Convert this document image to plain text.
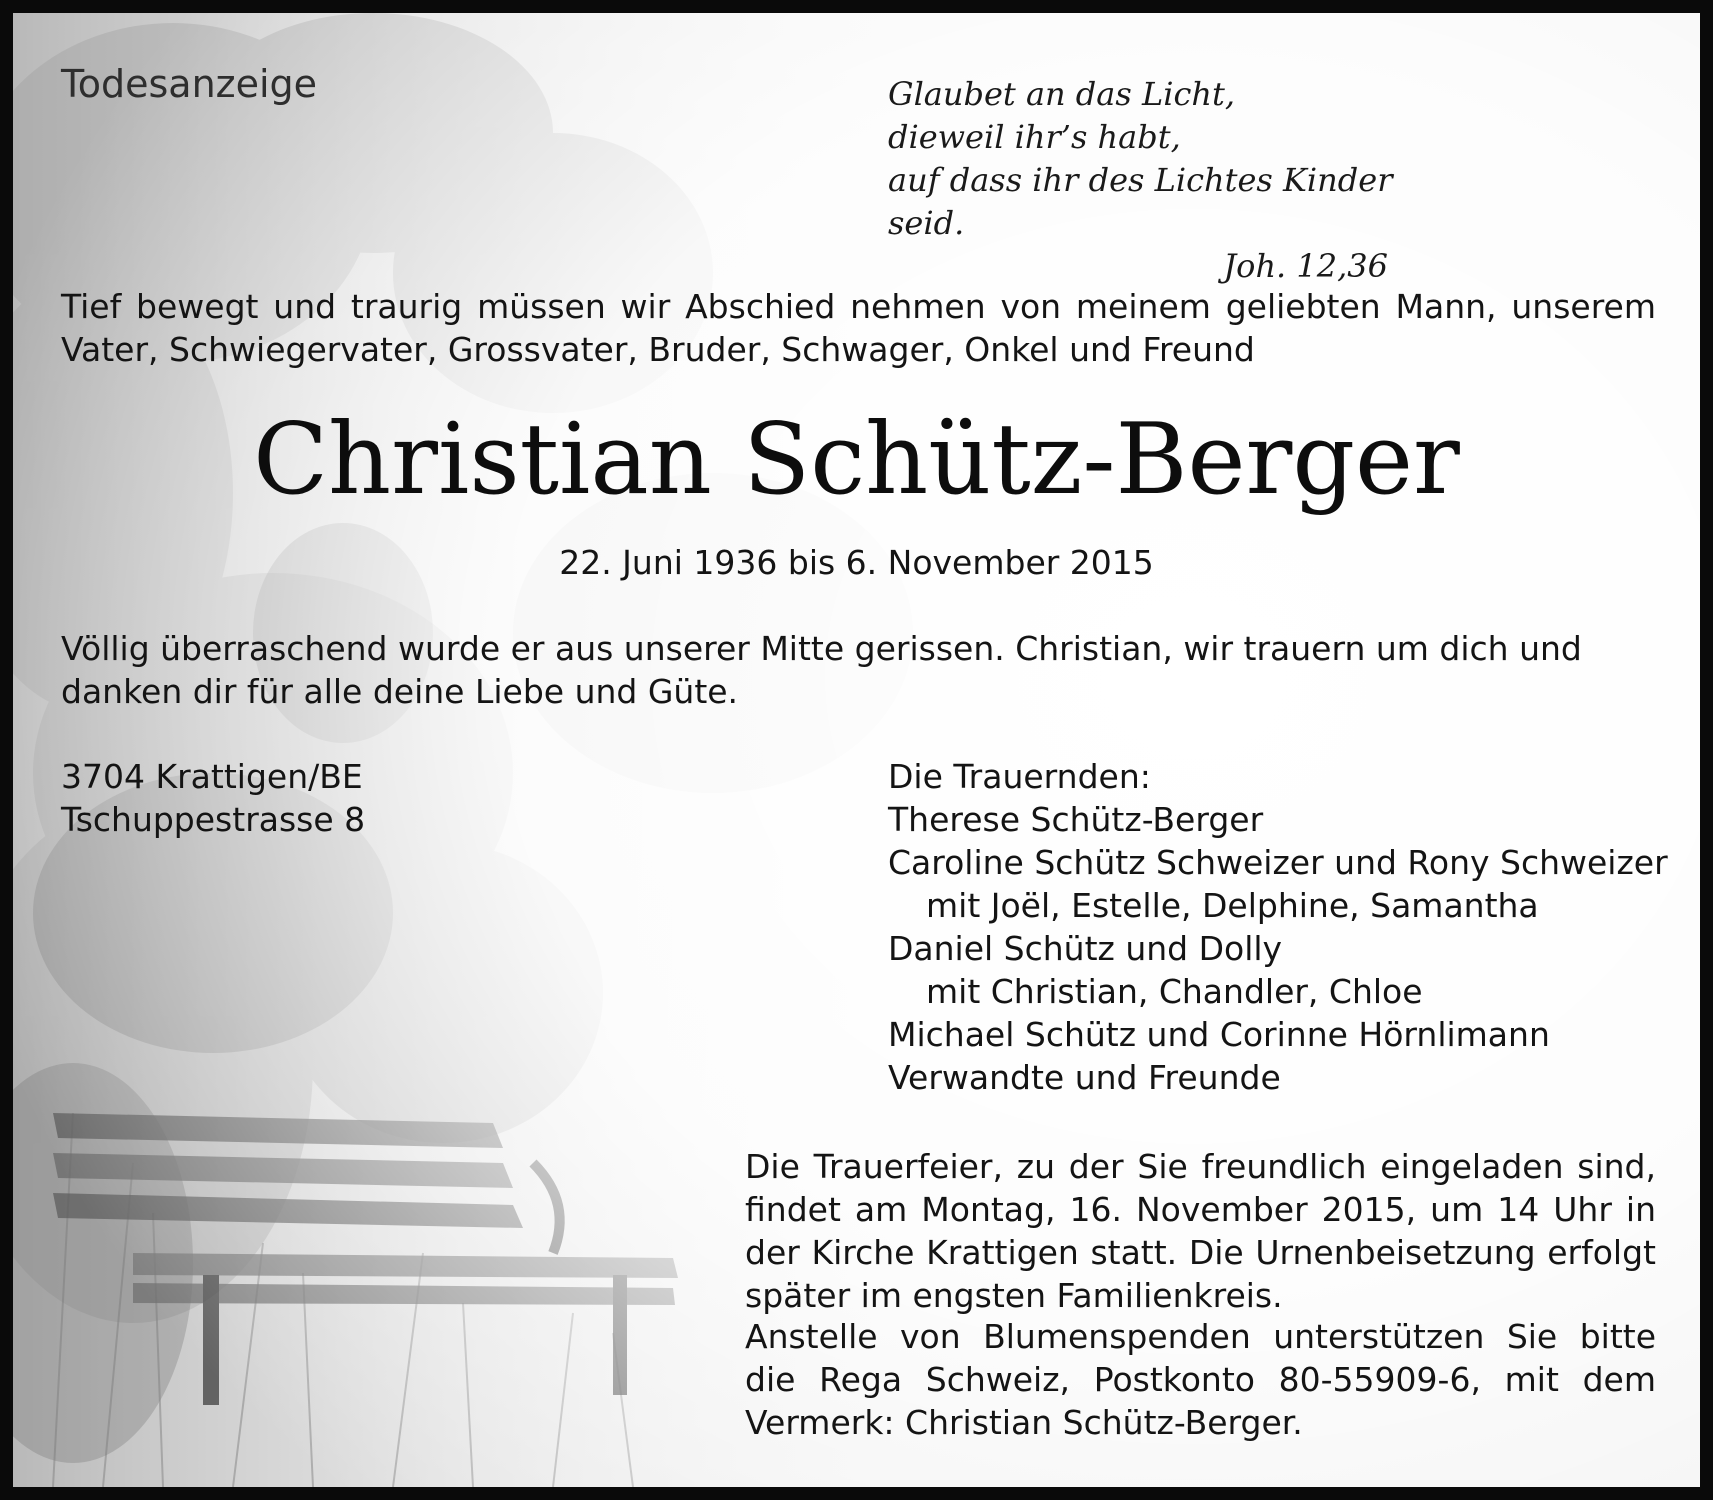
Todesanzeige	Glaubet an das Licht,
dieweil ihr’s habt,
auf dass ihr des Lichtes Kinder seid.
Joh. 12,36

Tief bewegt und traurig müssen wir Abschied nehmen von meinem geliebten Mann, unserem Vater, Schwiegervater, Grossvater, Bruder, Schwager, Onkel und Freund

Christian Schütz-Berger

22. Juni 1936 bis 6. November 2015

Völlig überraschend wurde er aus unserer Mitte gerissen. Christian, wir trauern um dich und danken dir für alle deine Liebe und Güte.

3704 Krattigen/BE
Tschuppestrasse 8
Die Trauernden:
Therese Schütz-Berger
Caroline Schütz Schweizer und Rony Schweizer
mit Joël, Estelle, Delphine, Samantha
Daniel Schütz und Dolly
mit Christian, Chandler, Chloe
Michael Schütz und Corinne Hörnlimann
Verwandte und Freunde

Die Trauerfeier, zu der Sie freundlich eingeladen sind, findet am Montag, 16. November 2015, um 14 Uhr in der Kirche Krattigen statt. Die Urnenbeisetzung erfolgt später im engsten Familienkreis.

Anstelle von Blumenspenden unterstützen Sie bitte die Rega Schweiz, Postkonto 80-55909-6, mit dem Vermerk: Christian Schütz-Berger.
